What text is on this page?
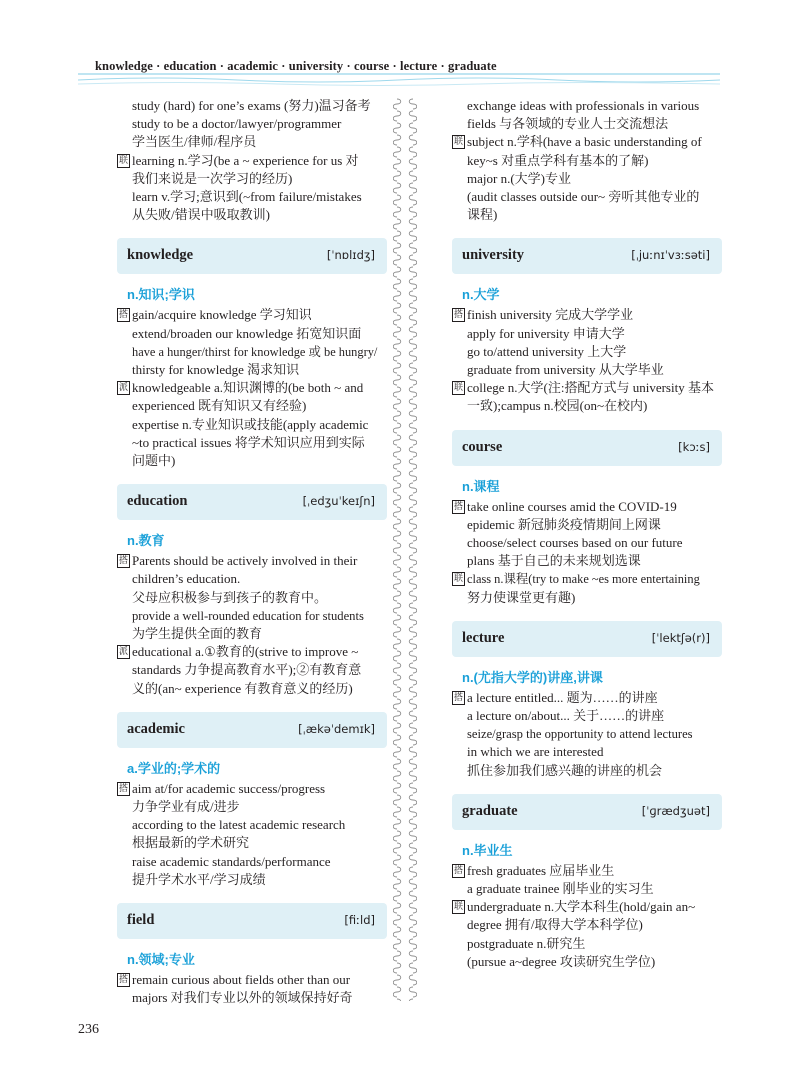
knowledge · education · academic · university · course · lecture · graduate
study (hard) for one’s exams (努力)温习备考
study to be a doctor/lawyer/programmer
学当医生/律师/程序员
联 learning n.学习(be a ~ experience for us 对
我们来说是一次学习的经历)
learn v.学习;意识到(~from failure/mistakes
从失败/错误中吸取教训)
knowledge	[ˈnɒlɪdʒ]
n.知识;学识
搭 gain/acquire knowledge 学习知识
extend/broaden our knowledge 拓宽知识面
have a hunger/thirst for knowledge 或 be hungry/
thirsty for knowledge 渴求知识
派 knowledgeable a.知识渊博的(be both ~ and
experienced 既有知识又有经验)
expertise n.专业知识或技能(apply academic
~to practical issues 将学术知识应用到实际
问题中)
education	[ˌedʒuˈkeɪʃn]
n.教育
搭 Parents should be actively involved in their
children’s education.
父母应积极参与到孩子的教育中。
provide a well-rounded education for students
为学生提供全面的教育
派 educational a.①教育的(strive to improve ~
standards 力争提高教育水平);②有教育意
义的(an~ experience 有教育意义的经历)
academic	[ˌækəˈdemɪk]
a.学业的;学术的
搭 aim at/for academic success/progress
力争学业有成/进步
according to the latest academic research
根据最新的学术研究
raise academic standards/performance
提升学术水平/学习成绩
field	[fiːld]
n.领域;专业
搭 remain curious about fields other than our
majors 对我们专业以外的领域保持好奇
exchange ideas with professionals in various
fields 与各领域的专业人士交流想法
联 subject n.学科(have a basic understanding of
key~s 对重点学科有基本的了解)
major n.(大学)专业
(audit classes outside our~ 旁听其他专业的
课程)
university	[ˌjuːnɪˈvɜːsəti]
n.大学
搭 finish university 完成大学学业
apply for university 申请大学
go to/attend university 上大学
graduate from university 从大学毕业
联 college n.大学(注:搭配方式与 university 基本
一致);campus n.校园(on~在校内)
course	[kɔːs]
n.课程
搭 take online courses amid the COVID-19
epidemic 新冠肺炎疫情期间上网课
choose/select courses based on our future
plans 基于自己的未来规划选课
联 class n.课程(try to make ~es more entertaining
努力使课堂更有趣)
lecture	[ˈlektʃə(r)]
n.(尤指大学的)讲座,讲课
搭 a lecture entitled... 题为……的讲座
a lecture on/about... 关于……的讲座
seize/grasp the opportunity to attend lectures
in which we are interested
抓住参加我们感兴趣的讲座的机会
graduate	[ˈɡrædʒuət]
n.毕业生
搭 fresh graduates 应届毕业生
a graduate trainee 刚毕业的实习生
联 undergraduate n.大学本科生(hold/gain an~
degree 拥有/取得大学本科学位)
postgraduate n.研究生
(pursue a~degree 攻读研究生学位)
236
